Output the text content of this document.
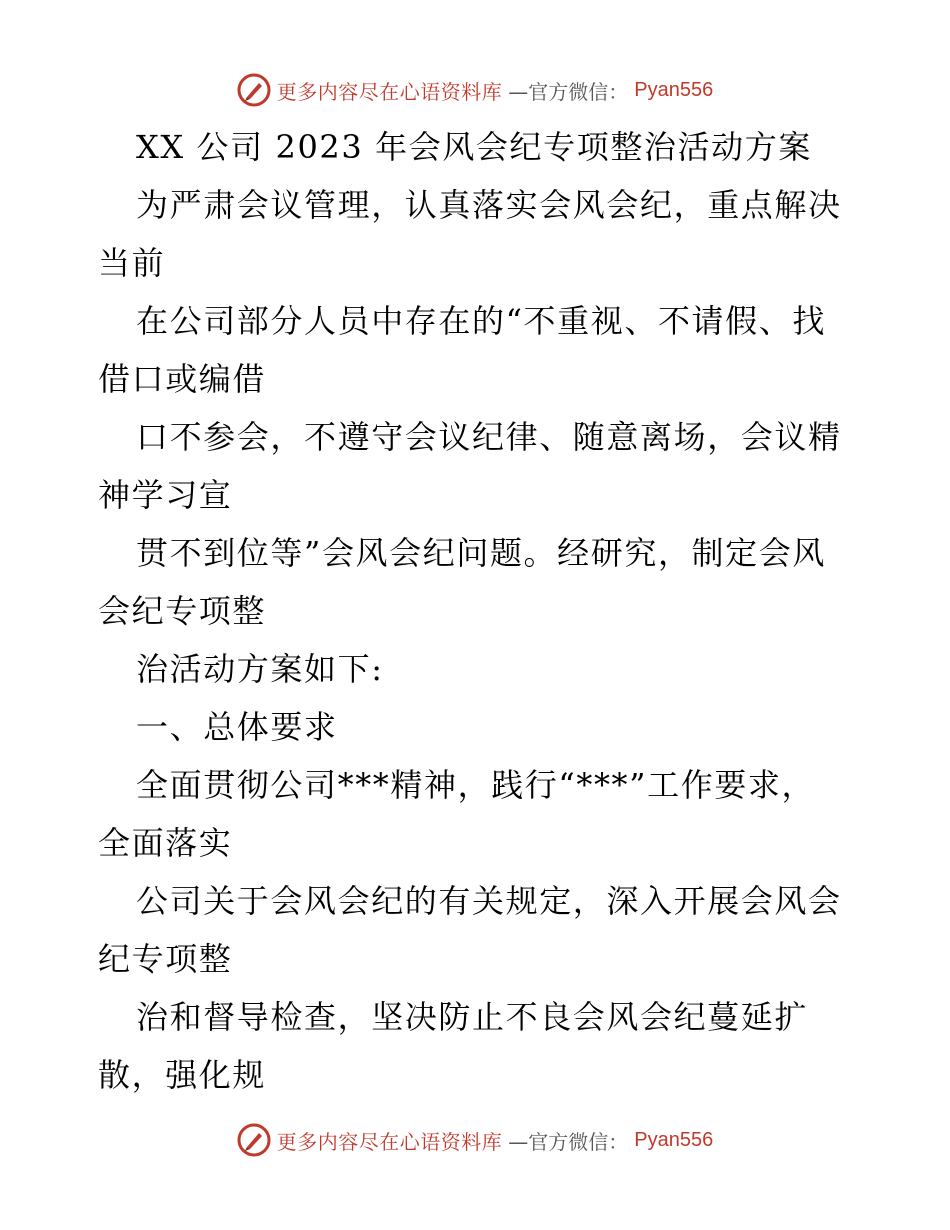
更多内容尽在心语资料库 —官方微信： Pyan556
XX 公司 2023 年会风会纪专项整治活动方案
为严肃会议管理，认真落实会风会纪，重点解决
当前
在公司部分人员中存在的“不重视、不请假、找
借口或编借
口不参会，不遵守会议纪律、随意离场，会议精
神学习宣
贯不到位等”会风会纪问题。经研究，制定会风
会纪专项整
治活动方案如下:
一、总体要求
全面贯彻公司***精神，践行“***”工作要求，
全面落实
公司关于会风会纪的有关规定，深入开展会风会
纪专项整
治和督导检查，坚决防止不良会风会纪蔓延扩
散，强化规
更多内容尽在心语资料库 —官方微信： Pyan556
